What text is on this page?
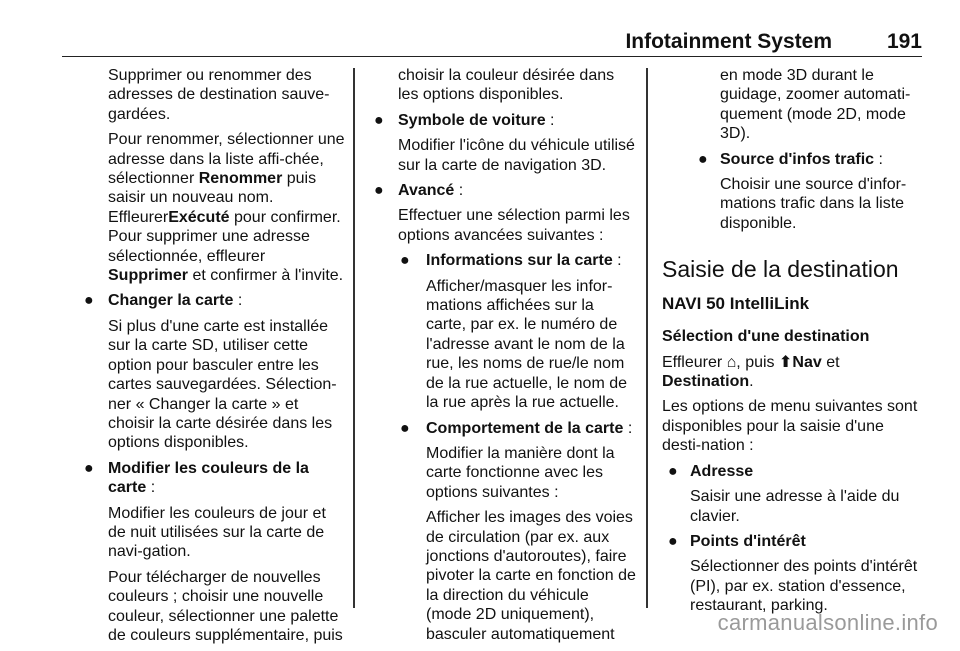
Infotainment System	191

Supprimer ou renommer des adresses de destination sauve-gardées.

Pour renommer, sélectionner une adresse dans la liste affi-chée, sélectionner Renommer puis saisir un nouveau nom. EffleurerExécuté pour confirmer. Pour supprimer une adresse sélectionnée, effleurer Supprimer et confirmer à l'invite.

● Changer la carte :

Si plus d'une carte est installée sur la carte SD, utiliser cette option pour basculer entre les cartes sauvegardées. Sélection-ner « Changer la carte » et choisir la carte désirée dans les options disponibles.

● Modifier les couleurs de la carte :

Modifier les couleurs de jour et de nuit utilisées sur la carte de navi-gation.

Pour télécharger de nouvelles couleurs ; choisir une nouvelle couleur, sélectionner une palette de couleurs supplémentaire, puis

choisir la couleur désirée dans les options disponibles.

● Symbole de voiture :

Modifier l'icône du véhicule utilisé sur la carte de navigation 3D.

● Avancé :

Effectuer une sélection parmi les options avancées suivantes :

● Informations sur la carte :

Afficher/masquer les infor-mations affichées sur la carte, par ex. le numéro de l'adresse avant le nom de la rue, les noms de rue/le nom de la rue actuelle, le nom de la rue après la rue actuelle.

● Comportement de la carte :

Modifier la manière dont la carte fonctionne avec les options suivantes :

Afficher les images des voies de circulation (par ex. aux jonctions d'autoroutes), faire pivoter la carte en fonction de la direction du véhicule (mode 2D uniquement), basculer automatiquement

en mode 3D durant le guidage, zoomer automati-quement (mode 2D, mode 3D).

● Source d'infos trafic :

Choisir une source d'infor-mations trafic dans la liste disponible.

Saisie de la destination
NAVI 50 IntelliLink

Sélection d'une destination

Effleurer ⌂, puis ⬆Nav et Destination.

Les options de menu suivantes sont disponibles pour la saisie d'une desti-nation :

● Adresse

Saisir une adresse à l'aide du clavier.

● Points d'intérêt

Sélectionner des points d'intérêt (PI), par ex. station d'essence, restaurant, parking.

carmanualsonline.info
